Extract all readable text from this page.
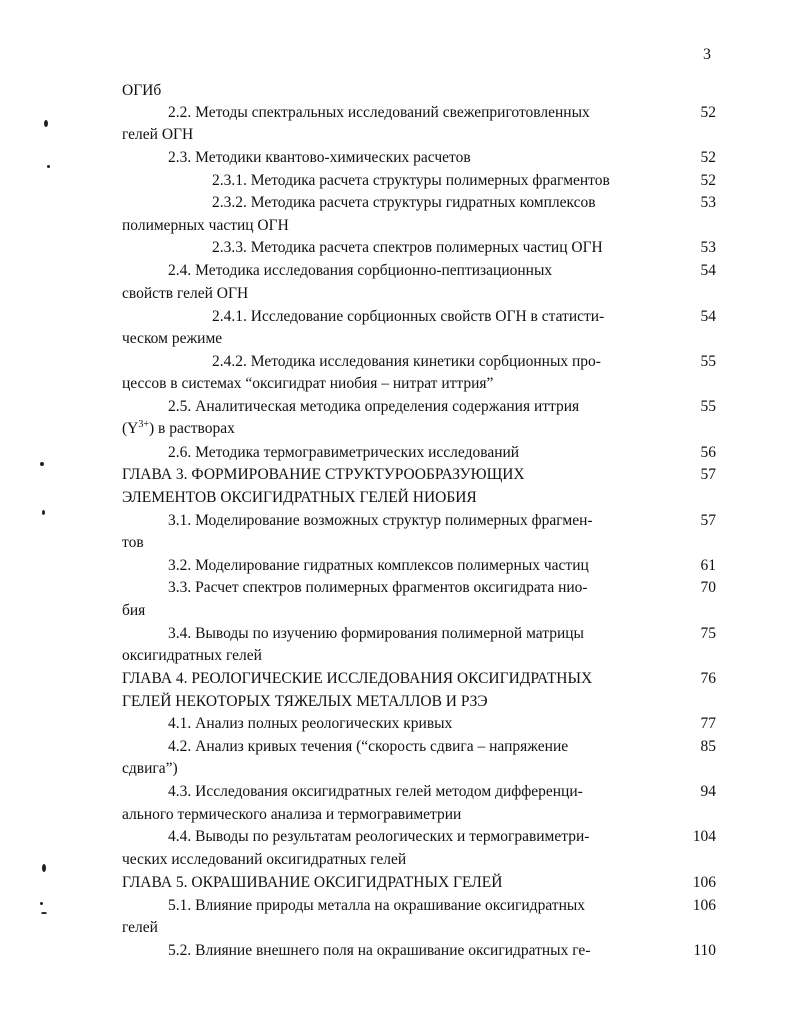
3
ОГИб
2.2. Методы спектральных исследований свежеприготовленных	52
гелей ОГН
2.3. Методики квантово-химических расчетов	52
2.3.1. Методика расчета структуры полимерных фрагментов	52
2.3.2. Методика расчета структуры гидратных комплексов	53
полимерных частиц ОГН
2.3.3. Методика расчета спектров полимерных частиц ОГН	53
2.4. Методика исследования сорбционно-пептизационных	54
свойств гелей ОГН
2.4.1. Исследование сорбционных свойств ОГН в статисти-	54
ческом режиме
2.4.2. Методика исследования кинетики сорбционных про-	55
цессов в системах “оксигидрат ниобия – нитрат иттрия”
2.5. Аналитическая методика определения содержания иттрия	55
$(Y^{3+})$ в растворах
2.6. Методика термогравиметрических исследований	56
ГЛАВА 3. ФОРМИРОВАНИЕ СТРУКТУРООБРАЗУЮЩИХ	57
ЭЛЕМЕНТОВ ОКСИГИДРАТНЫХ ГЕЛЕЙ НИОБИЯ
3.1. Моделирование возможных структур полимерных фрагмен-	57
тов
3.2. Моделирование гидратных комплексов полимерных частиц	61
3.3. Расчет спектров полимерных фрагментов оксигидрата нио-	70
бия
3.4. Выводы по изучению формирования полимерной матрицы	75
оксигидратных гелей
ГЛАВА 4. РЕОЛОГИЧЕСКИЕ ИССЛЕДОВАНИЯ ОКСИГИДРАТНЫХ	76
ГЕЛЕЙ НЕКОТОРЫХ ТЯЖЕЛЫХ МЕТАЛЛОВ И РЗЭ
4.1. Анализ полных реологических кривых	77
4.2. Анализ кривых течения (“скорость сдвига – напряжение	85
сдвига”)
4.3. Исследования оксигидратных гелей методом дифференци-	94
ального термического анализа и термогравиметрии
4.4. Выводы по результатам реологических и термогравиметри-	104
ческих исследований оксигидратных гелей
ГЛАВА 5. ОКРАШИВАНИЕ ОКСИГИДРАТНЫХ ГЕЛЕЙ	106
5.1. Влияние природы металла на окрашивание оксигидратных	106
гелей
5.2. Влияние внешнего поля на окрашивание оксигидратных ге-	110
